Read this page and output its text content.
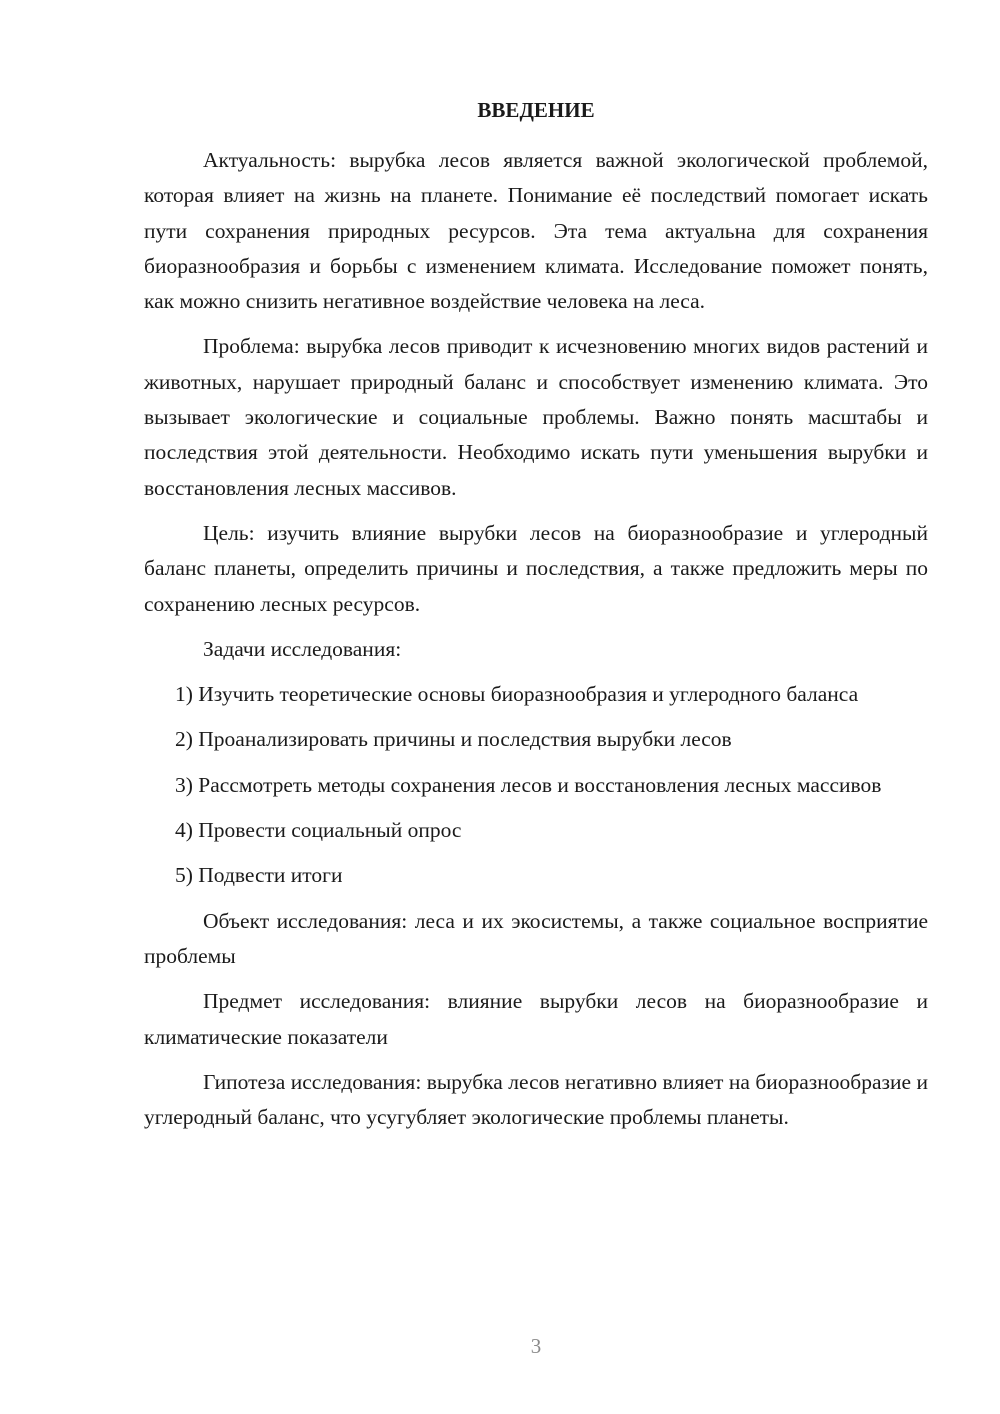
ВВЕДЕНИЕ

Актуальность: вырубка лесов является важной экологической проблемой, которая влияет на жизнь на планете. Понимание её последствий помогает искать пути сохранения природных ресурсов. Эта тема актуальна для сохранения биоразнообразия и борьбы с изменением климата. Исследование поможет понять, как можно снизить негативное воздействие человека на леса.

Проблема: вырубка лесов приводит к исчезновению многих видов растений и животных, нарушает природный баланс и способствует изменению климата. Это вызывает экологические и социальные проблемы. Важно понять масштабы и последствия этой деятельности. Необходимо искать пути уменьшения вырубки и восстановления лесных массивов.

Цель: изучить влияние вырубки лесов на биоразнообразие и углеродный баланс планеты, определить причины и последствия, а также предложить меры по сохранению лесных ресурсов.

Задачи исследования:

1) Изучить теоретические основы биоразнообразия и углеродного баланса

2) Проанализировать причины и последствия вырубки лесов

3) Рассмотреть методы сохранения лесов и восстановления лесных массивов

4) Провести социальный опрос

5) Подвести итоги

Объект исследования: леса и их экосистемы, а также социальное восприятие проблемы

Предмет исследования: влияние вырубки лесов на биоразнообразие и климатические показатели

Гипотеза исследования: вырубка лесов негативно влияет на биоразнообразие и углеродный баланс, что усугубляет экологические проблемы планеты.

3
